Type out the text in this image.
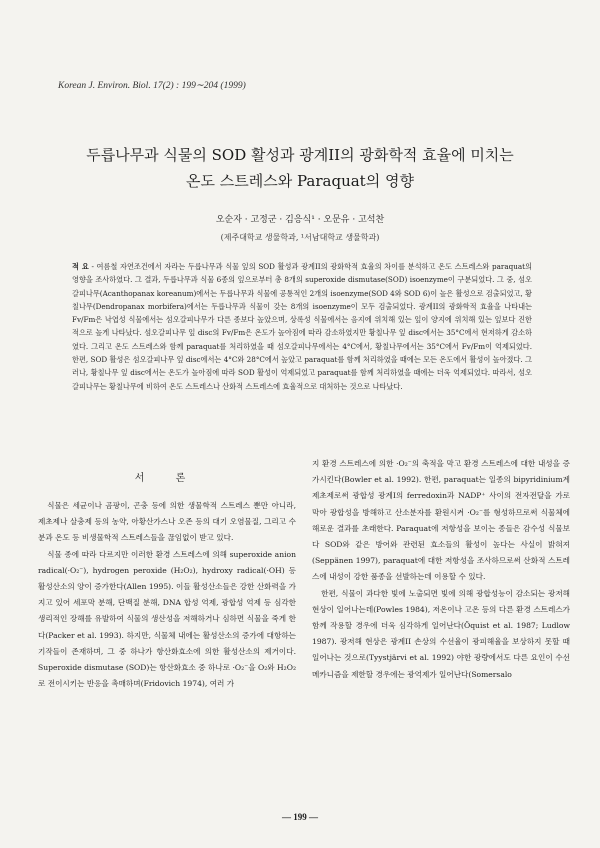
Korean J. Environ. Biol. 17(2) : 199∼204 (1999)
두릅나무과 식물의 SOD 활성과 광계II의 광화학적 효율에 미치는
온도 스트레스와 Paraquat의 영향
오순자 · 고정군 · 김응식¹ · 오문유 · 고석찬
(제주대학교 생물학과, ¹서남대학교 생물학과)
적 요 - 여름철 자연조건에서 자라는 두릅나무과 식물 잎의 SOD 활성과 광계II의 광화학적 효율의 차이를 분석하고 온도 스트레스와 paraquat의 영향을 조사하였다. 그 결과, 두릅나무과 식물 6종의 잎으로부터 총 8개의 superoxide dismutase(SOD) isoenzyme이 구분되었다. 그 중, 섬오갈피나무(Acanthopanax koreanum)에서는 두릅나무과 식물에 공통적인 2개의 isoenzyme(SOD 4와 SOD 6)이 높은 활성으로 검출되었고, 황칠나무(Dendropanax morbifera)에서는 두릅나무과 식물이 갖는 8개의 isoenzyme이 모두 검출되었다. 광계II의 광화학적 효율을 나타내는 Fv/Fm은 낙엽성 식물에서는 섬오갈피나무가 다른 종보다 높았으며, 상록성 식물에서는 음지에 위치해 있는 잎이 양지에 위치해 있는 잎보다 진한적으로 높게 나타났다. 섬오갈피나무 잎 disc의 Fv/Fm은 온도가 높아짐에 따라 감소하였지만 황칠나무 잎 disc에서는 35°C에서 현저하게 감소하였다. 그리고 온도 스트레스와 함께 paraquat를 처리하였을 때 섬오갈피나무에서는 4°C에서, 황칠나무에서는 35°C에서 Fv/Fm이 억제되었다. 한편, SOD 활성은 섬오갈피나무 잎 disc에서는 4°C와 28°C에서 높았고 paraquat를 함께 처리하였을 때에는 모든 온도에서 활성이 높아졌다. 그러나, 황칠나무 잎 disc에서는 온도가 높아짐에 따라 SOD 활성이 억제되었고 paraquat를 함께 처리하였을 때에는 더욱 억제되었다. 따라서, 섬오갈피나무는 황칠나무에 비하여 온도 스트레스나 산화적 스트레스에 효율적으로 대처하는 것으로 나타났다.
서 론

식물은 세균이나 곰팡이, 곤충 등에 의한 생물학적 스트레스 뿐만 아니라, 제초제나 살충제 등의 농약, 아황산가스나 오존 등의 대기 오염물질, 그리고 수분과 온도 등 비생물학적 스트레스들을 끊임없이 받고 있다.

식물 종에 따라 다르지만 이러한 환경 스트레스에 의해 superoxide anion radical(·O₂⁻), hydrogen peroxide (H₂O₂), hydroxy radical(·OH) 등 활성산소의 양이 증가한다(Allen 1995). 이들 활성산소들은 강한 산화력을 가지고 있어 세포막 분해, 단백질 분해, DNA 합성 억제, 광합성 억제 등 심각한 생리적인 장해를 유발하여 식물의 생산성을 저해하거나 심하면 식물을 죽게 한다(Packer et al. 1993). 하지만, 식물체 내에는 활성산소의 증가에 대항하는 기작들이 존재하며, 그 중 하나가 항산화효소에 의한 활성산소의 제거이다. Superoxide dismutase (SOD)는 항산화효소 중 하나로 ·O₂⁻을 O₂와 H₂O₂로 전이시키는 반응을 촉매하며(Fridovich 1974), 여러 가

지 환경 스트레스에 의한 ·O₂⁻의 축적을 막고 환경 스트레스에 대한 내성을 증가시킨다(Bowler et al. 1992). 한편, paraquat는 일종의 bipyridinium계 제초제로써 광합성 광계I의 ferredoxin과 NADP⁺ 사이의 전자전달을 가로 막아 광합성을 방해하고 산소분자를 환원시켜 ·O₂⁻를 형성하므로써 식물체에 해로운 결과를 초래한다. Paraquat에 저항성을 보이는 종들은 감수성 식물보다 SOD와 같은 방어와 관련된 효소들의 활성이 높다는 사실이 밝혀져(Seppänen 1997), paraquat에 대한 저항성을 조사하므로써 산화적 스트레스에 내성이 강한 품종을 선발하는데 이용할 수 있다.

한편, 식물이 과다한 빛에 노출되면 빛에 의해 광합성능이 감소되는 광저해 현상이 일어나는데(Powles 1984), 저온이나 고온 등의 다른 환경 스트레스가 함께 작용할 경우에 더욱 심각하게 일어난다(Öquist et al. 1987; Ludlow 1987). 광저해 현상은 광계II 손상의 수선율이 광피해율을 보상하지 못할 때 일어나는 것으로(Tyystjärvi et al. 1992) 야한 광량에서도 다른 요인이 수선 메카니즘을 제한할 경우에는 광억제가 일어난다(Somersalo

— 199 —
